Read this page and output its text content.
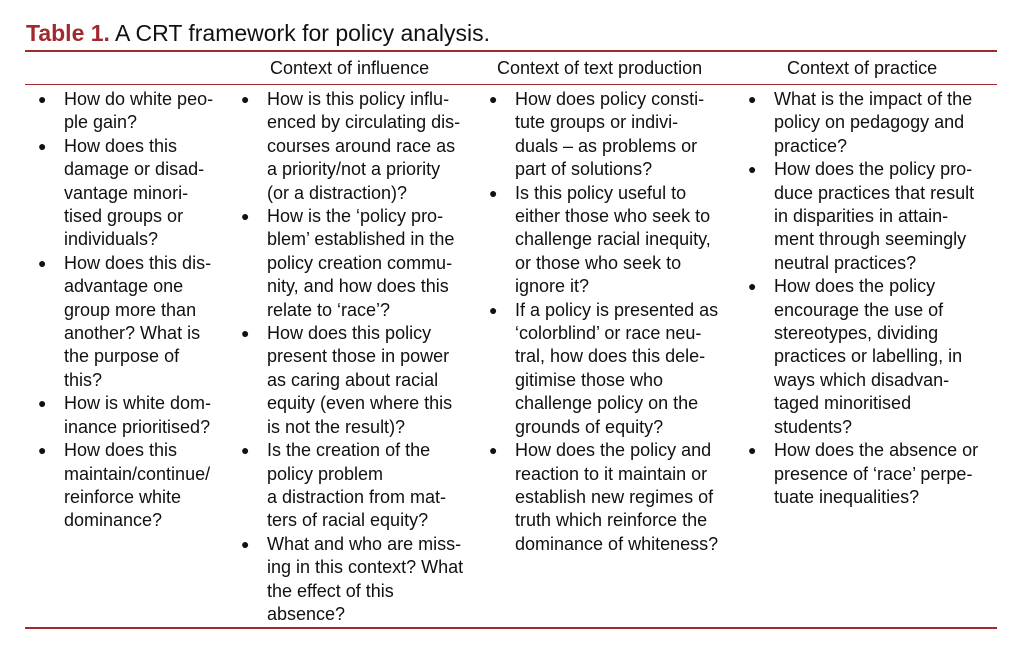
Table 1. A CRT framework for policy analysis.
Context of influence	Context of text production	Context of practice
● How do white peo-
ple gain?
● How does this
damage or disad-
vantage minori-
tised groups or
individuals?
● How does this dis-
advantage one
group more than
another? What is
the purpose of
this?
● How is white dom-
inance prioritised?
● How does this
maintain/continue/
reinforce white
dominance?
● How is this policy influ-
enced by circulating dis-
courses around race as
a priority/not a priority
(or a distraction)?
● How is the ‘policy pro-
blem’ established in the
policy creation commu-
nity, and how does this
relate to ‘race’?
● How does this policy
present those in power
as caring about racial
equity (even where this
is not the result)?
● Is the creation of the
policy problem
a distraction from mat-
ters of racial equity?
● What and who are miss-
ing in this context? What
the effect of this
absence?
● How does policy consti-
tute groups or indivi-
duals – as problems or
part of solutions?
● Is this policy useful to
either those who seek to
challenge racial inequity,
or those who seek to
ignore it?
● If a policy is presented as
‘colorblind’ or race neu-
tral, how does this dele-
gitimise those who
challenge policy on the
grounds of equity?
● How does the policy and
reaction to it maintain or
establish new regimes of
truth which reinforce the
dominance of whiteness?
● What is the impact of the
policy on pedagogy and
practice?
● How does the policy pro-
duce practices that result
in disparities in attain-
ment through seemingly
neutral practices?
● How does the policy
encourage the use of
stereotypes, dividing
practices or labelling, in
ways which disadvan-
taged minoritised
students?
● How does the absence or
presence of ‘race’ perpe-
tuate inequalities?
